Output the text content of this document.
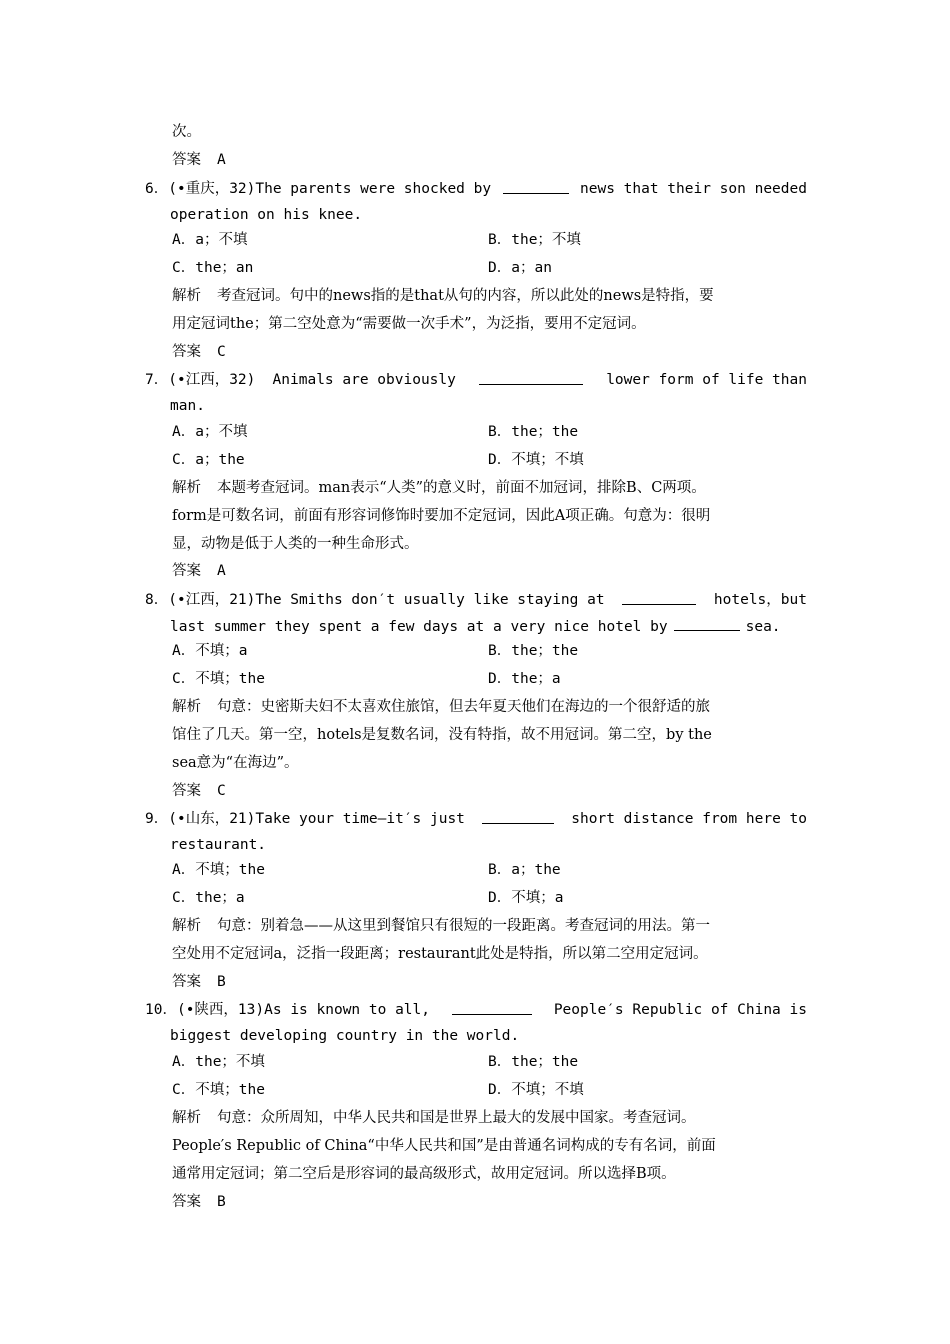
次。
答案 A
6．(•重庆，32)The parents were shocked by	news that their son needed
operation on his knee.
A．a；不填	B．the；不填
C．the；an	D．a；an
解析 考查冠词。句中的news指的是that从句的内容，所以此处的news是特指，要
用定冠词the；第二空处意为“需要做一次手术”，为泛指，要用不定冠词。
答案 C
7．(•江西，32) Animals are obviously	lower form of life than
man.
A．a；不填	B．the；the
C．a；the	D．不填；不填
解析 本题考查冠词。man表示“人类”的意义时，前面不加冠词，排除B、C两项。
form是可数名词，前面有形容词修饰时要加不定冠词，因此A项正确。句意为：很明
显，动物是低于人类的一种生命形式。
答案 A
8．(•江西，21)The Smiths don′t usually like staying at	hotels，but
last summer they spent a few days at a very nice hotel by	sea.
A．不填；a	B．the；the
C．不填；the	D．the；a
解析 句意：史密斯夫妇不太喜欢住旅馆，但去年夏天他们在海边的一个很舒适的旅
馆住了几天。第一空，hotels是复数名词，没有特指，故不用冠词。第二空，by the
sea意为“在海边”。
答案 C
9．(•山东，21)Take your time—it′s just	short distance from here to
restaurant.
A．不填；the	B．a；the
C．the；a	D．不填；a
解析 句意：别着急——从这里到餐馆只有很短的一段距离。考查冠词的用法。第一
空处用不定冠词a，泛指一段距离；restaurant此处是特指，所以第二空用定冠词。
答案 B
10．(•陕西，13)As is known to all,	People′s Republic of China is
biggest developing country in the world.
A．the；不填	B．the；the
C．不填；the	D．不填；不填
解析 句意：众所周知，中华人民共和国是世界上最大的发展中国家。考查冠词。
People′s Republic of China“中华人民共和国”是由普通名词构成的专有名词，前面
通常用定冠词；第二空后是形容词的最高级形式，故用定冠词。所以选择B项。
答案 B
